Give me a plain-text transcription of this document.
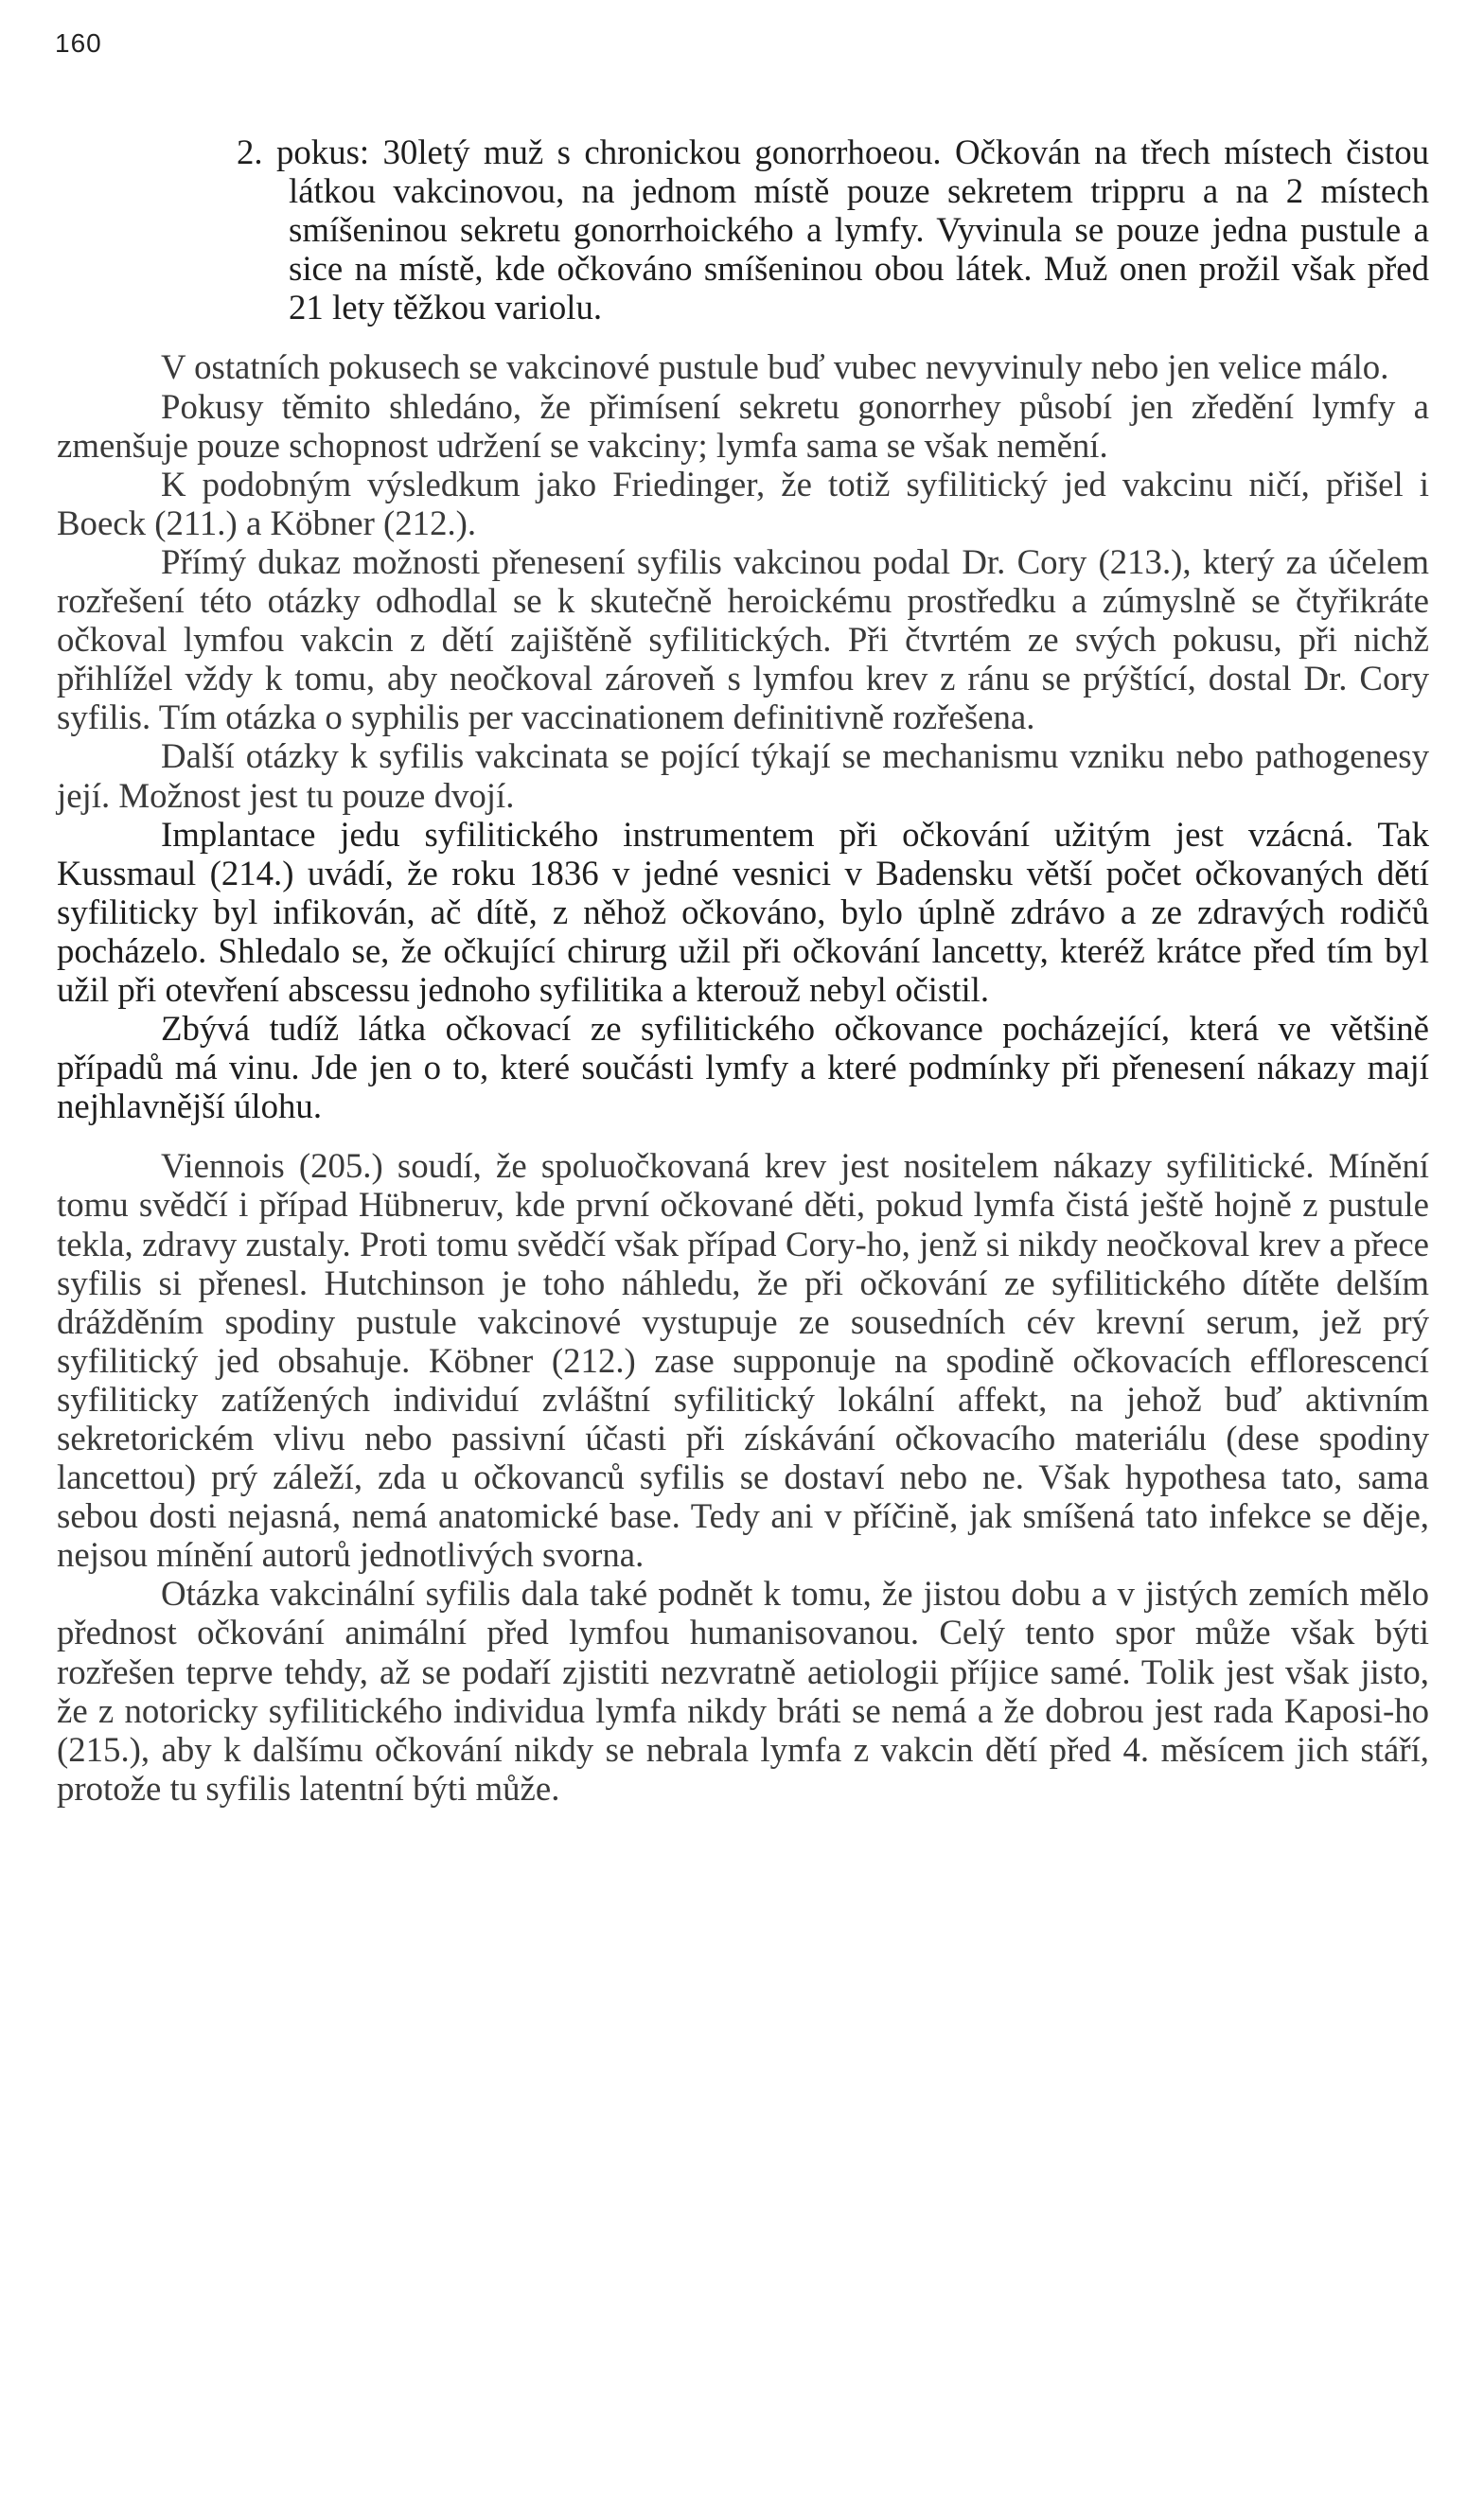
160

2. pokus: 30letý muž s chronickou gonorrhoeou. Očkován na třech místech čistou látkou vakcinovou, na jednom místě pouze sekretem trippru a na 2 místech smíšeninou sekretu gonorrhoického a lymfy. Vyvinula se pouze jedna pustule a sice na místě, kde očkováno smíšeninou obou látek. Muž onen prožil však před 21 lety těžkou variolu.

V ostatních pokusech se vakcinové pustule buď vubec nevyvinuly nebo jen velice málo.

Pokusy těmito shledáno, že přimísení sekretu gonorrhey působí jen zředění lymfy a zmenšuje pouze schopnost udržení se vakciny; lymfa sama se však nemění.

K podobným výsledkum jako Friedinger, že totiž syfilitický jed vakcinu ničí, přišel i Boeck (211.) a Köbner (212.).

Přímý dukaz možnosti přenesení syfilis vakcinou podal Dr. Cory (213.), který za účelem rozřešení této otázky odhodlal se k skutečně heroickému prostředku a zúmyslně se čtyřikráte očkoval lymfou vakcin z dětí zajištěně syfilitických. Při čtvrtém ze svých pokusu, při nichž přihlížel vždy k tomu, aby neočkoval zároveň s lymfou krev z ránu se prýštící, dostal Dr. Cory syfilis. Tím otázka o syphilis per vaccinationem definitivně rozřešena.

Další otázky k syfilis vakcinata se pojící týkají se mechanismu vzniku nebo pathogenesy její. Možnost jest tu pouze dvojí.

Implantace jedu syfilitického instrumentem při očkování užitým jest vzácná. Tak Kussmaul (214.) uvádí, že roku 1836 v jedné vesnici v Badensku větší počet očkovaných dětí syfiliticky byl infikován, ač dítě, z něhož očkováno, bylo úplně zdrávo a ze zdravých rodičů pocházelo. Shledalo se, že očkující chirurg užil při očkování lancetty, kteréž krátce před tím byl užil při otevření abscessu jednoho syfilitika a kterouž nebyl očistil.

Zbývá tudíž látka očkovací ze syfilitického očkovance pocházející, která ve většině případů má vinu. Jde jen o to, které součásti lymfy a které podmínky při přenesení nákazy mají nejhlavnější úlohu.

Viennois (205.) soudí, že spoluočkovaná krev jest nositelem nákazy syfilitické. Mínění tomu svědčí i případ Hübneruv, kde první očkované děti, pokud lymfa čistá ještě hojně z pustule tekla, zdravy zustaly. Proti tomu svědčí však případ Cory-ho, jenž si nikdy neočkoval krev a přece syfilis si přenesl. Hutchinson je toho náhledu, že při očkování ze syfilitického dítěte delším drážděním spodiny pustule vakcinové vystupuje ze sousedních cév krevní serum, jež prý syfilitický jed obsahuje. Köbner (212.) zase supponuje na spodině očkovacích efflorescencí syfiliticky zatížených individuí zvláštní syfilitický lokální affekt, na jehož buď aktivním sekretorickém vlivu nebo passivní účasti při získávání očkovacího materiálu (dese spodiny lancettou) prý záleží, zda u očkovanců syfilis se dostaví nebo ne. Však hypothesa tato, sama sebou dosti nejasná, nemá anatomické base. Tedy ani v příčině, jak smíšená tato infekce se děje, nejsou mínění autorů jednotlivých svorna.

Otázka vakcinální syfilis dala také podnět k tomu, že jistou dobu a v jistých zemích mělo přednost očkování animální před lymfou humanisovanou. Celý tento spor může však býti rozřešen teprve tehdy, až se podaří zjistiti nezvratně aetiologii příjice samé. Tolik jest však jisto, že z notoricky syfilitického individua lymfa nikdy bráti se nemá a že dobrou jest rada Kaposi-ho (215.), aby k dalšímu očkování nikdy se nebrala lymfa z vakcin dětí před 4. měsícem jich stáří, protože tu syfilis latentní býti může.
